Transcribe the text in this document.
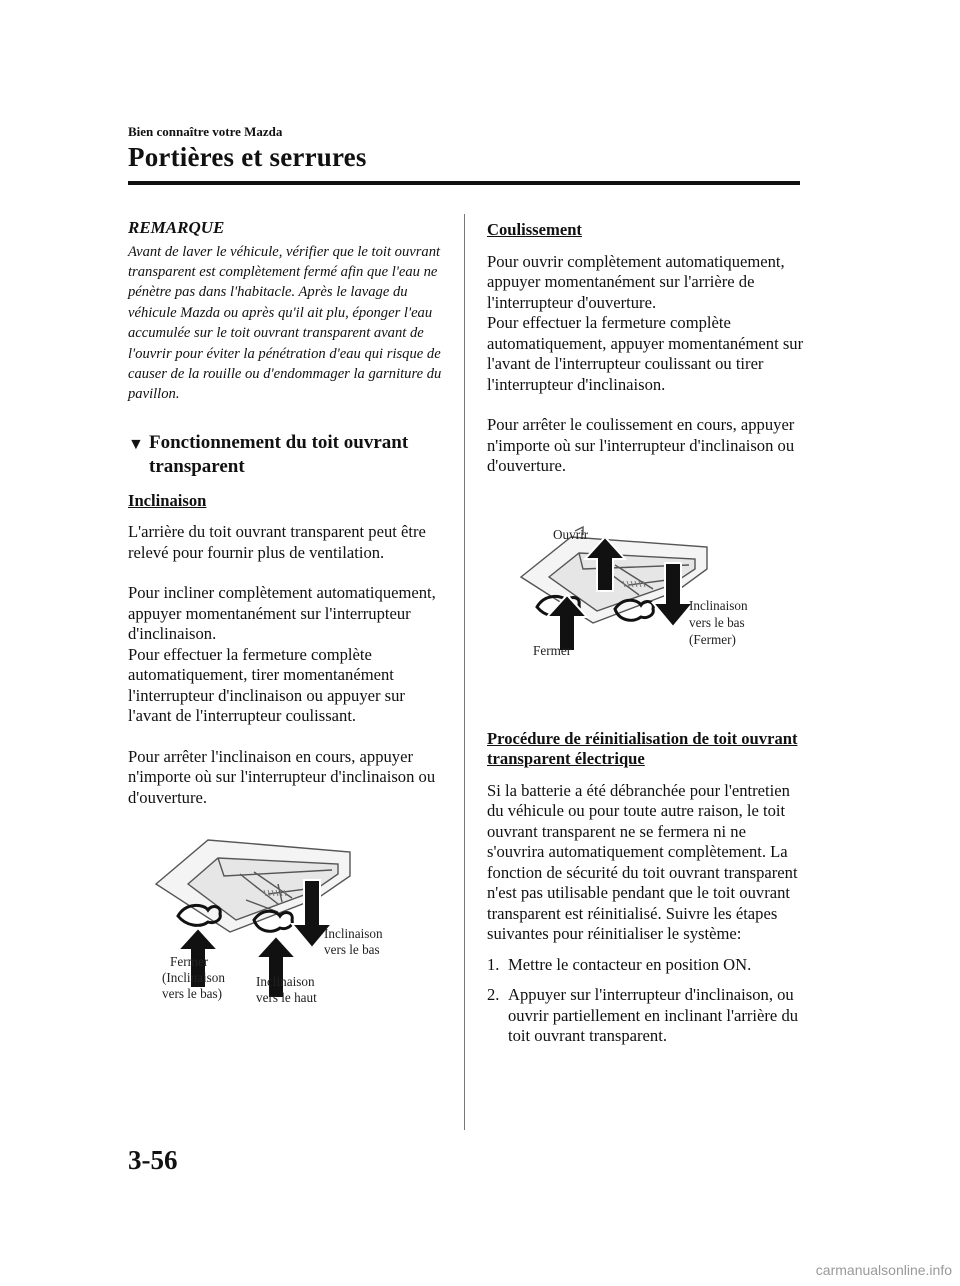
Bien connaître votre Mazda
Portières et serrures
REMARQUE

Avant de laver le véhicule, vérifier que le toit ouvrant transparent est complètement fermé afin que l'eau ne pénètre pas dans l'habitacle. Après le lavage du véhicule Mazda ou après qu'il ait plu, éponger l'eau accumulée sur le toit ouvrant transparent avant de l'ouvrir pour éviter la pénétration d'eau qui risque de causer de la rouille ou d'endommager la garniture du pavillon.

▼ Fonctionnement du toit ouvrant transparent
Inclinaison

L'arrière du toit ouvrant transparent peut être relevé pour fournir plus de ventilation.

Pour incliner complètement automatiquement, appuyer momentanément sur l'interrupteur d'inclinaison.

Pour effectuer la fermeture complète automatiquement, tirer momentanément l'interrupteur d'inclinaison ou appuyer sur l'avant de l'interrupteur coulissant.

Pour arrêter l'inclinaison en cours, appuyer n'importe où sur l'interrupteur d'inclinaison ou d'ouverture.

Fermer
(Inclinaison
vers le bas)
Inclinaison
vers le haut
Inclinaison
vers le bas
Coulissement

Pour ouvrir complètement automatiquement, appuyer momentanément sur l'arrière de l'interrupteur d'ouverture.

Pour effectuer la fermeture complète automatiquement, appuyer momentanément sur l'avant de l'interrupteur coulissant ou tirer l'interrupteur d'inclinaison.

Pour arrêter le coulissement en cours, appuyer n'importe où sur l'interrupteur d'inclinaison ou d'ouverture.

Ouvrir
Fermer
Inclinaison
vers le bas
(Fermer)
Procédure de réinitialisation de toit ouvrant transparent électrique

Si la batterie a été débranchée pour l'entretien du véhicule ou pour toute autre raison, le toit ouvrant transparent ne se fermera ni ne s'ouvrira automatiquement complètement. La fonction de sécurité du toit ouvrant transparent n'est pas utilisable pendant que le toit ouvrant transparent est réinitialisé. Suivre les étapes suivantes pour réinitialiser le système:

1. Mettre le contacteur en position ON.
2. Appuyer sur l'interrupteur d'inclinaison, ou ouvrir partiellement en inclinant l'arrière du toit ouvrant transparent.
3-56
carmanualsonline.info
